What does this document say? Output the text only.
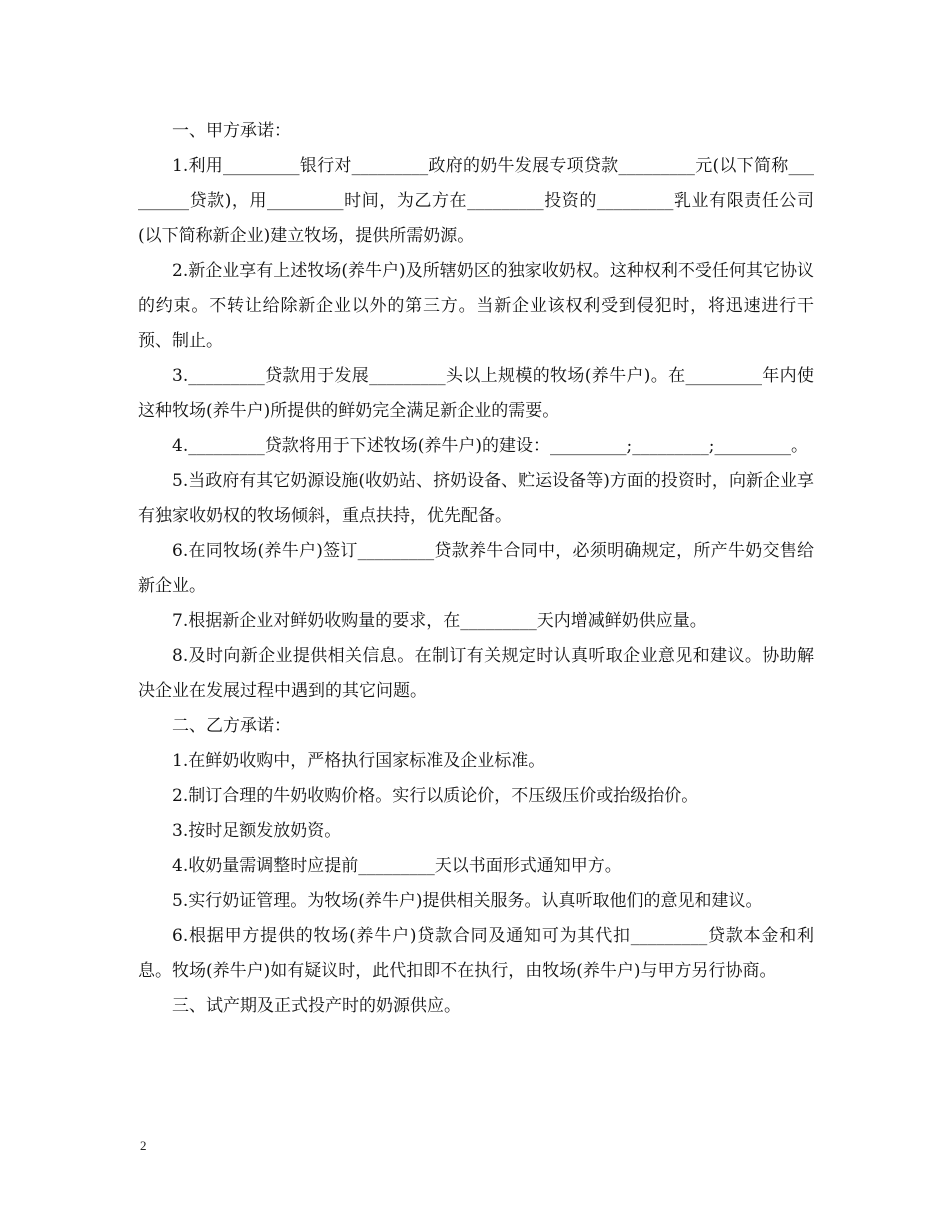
一、甲方承诺：

1.利用_________银行对_________政府的奶牛发展专项贷款_________元(以下简称_________贷款)，用_________时间，为乙方在_________投资的_________乳业有限责任公司(以下简称新企业)建立牧场，提供所需奶源。

2.新企业享有上述牧场(养牛户)及所辖奶区的独家收奶权。这种权利不受任何其它协议的约束。不转让给除新企业以外的第三方。当新企业该权利受到侵犯时，将迅速进行干预、制止。

3._________贷款用于发展_________头以上规模的牧场(养牛户)。在_________年内使这种牧场(养牛户)所提供的鲜奶完全满足新企业的需要。

4._________贷款将用于下述牧场(养牛户)的建设：_________;_________;_________。

5.当政府有其它奶源设施(收奶站、挤奶设备、贮运设备等)方面的投资时，向新企业享有独家收奶权的牧场倾斜，重点扶持，优先配备。

6.在同牧场(养牛户)签订_________贷款养牛合同中，必须明确规定，所产牛奶交售给新企业。

7.根据新企业对鲜奶收购量的要求，在_________天内增减鲜奶供应量。

8.及时向新企业提供相关信息。在制订有关规定时认真听取企业意见和建议。协助解决企业在发展过程中遇到的其它问题。

二、乙方承诺：

1.在鲜奶收购中，严格执行国家标准及企业标准。

2.制订合理的牛奶收购价格。实行以质论价，不压级压价或抬级抬价。

3.按时足额发放奶资。

4.收奶量需调整时应提前_________天以书面形式通知甲方。

5.实行奶证管理。为牧场(养牛户)提供相关服务。认真听取他们的意见和建议。

6.根据甲方提供的牧场(养牛户)贷款合同及通知可为其代扣_________贷款本金和利息。牧场(养牛户)如有疑议时，此代扣即不在执行，由牧场(养牛户)与甲方另行协商。

三、试产期及正式投产时的奶源供应。

2
